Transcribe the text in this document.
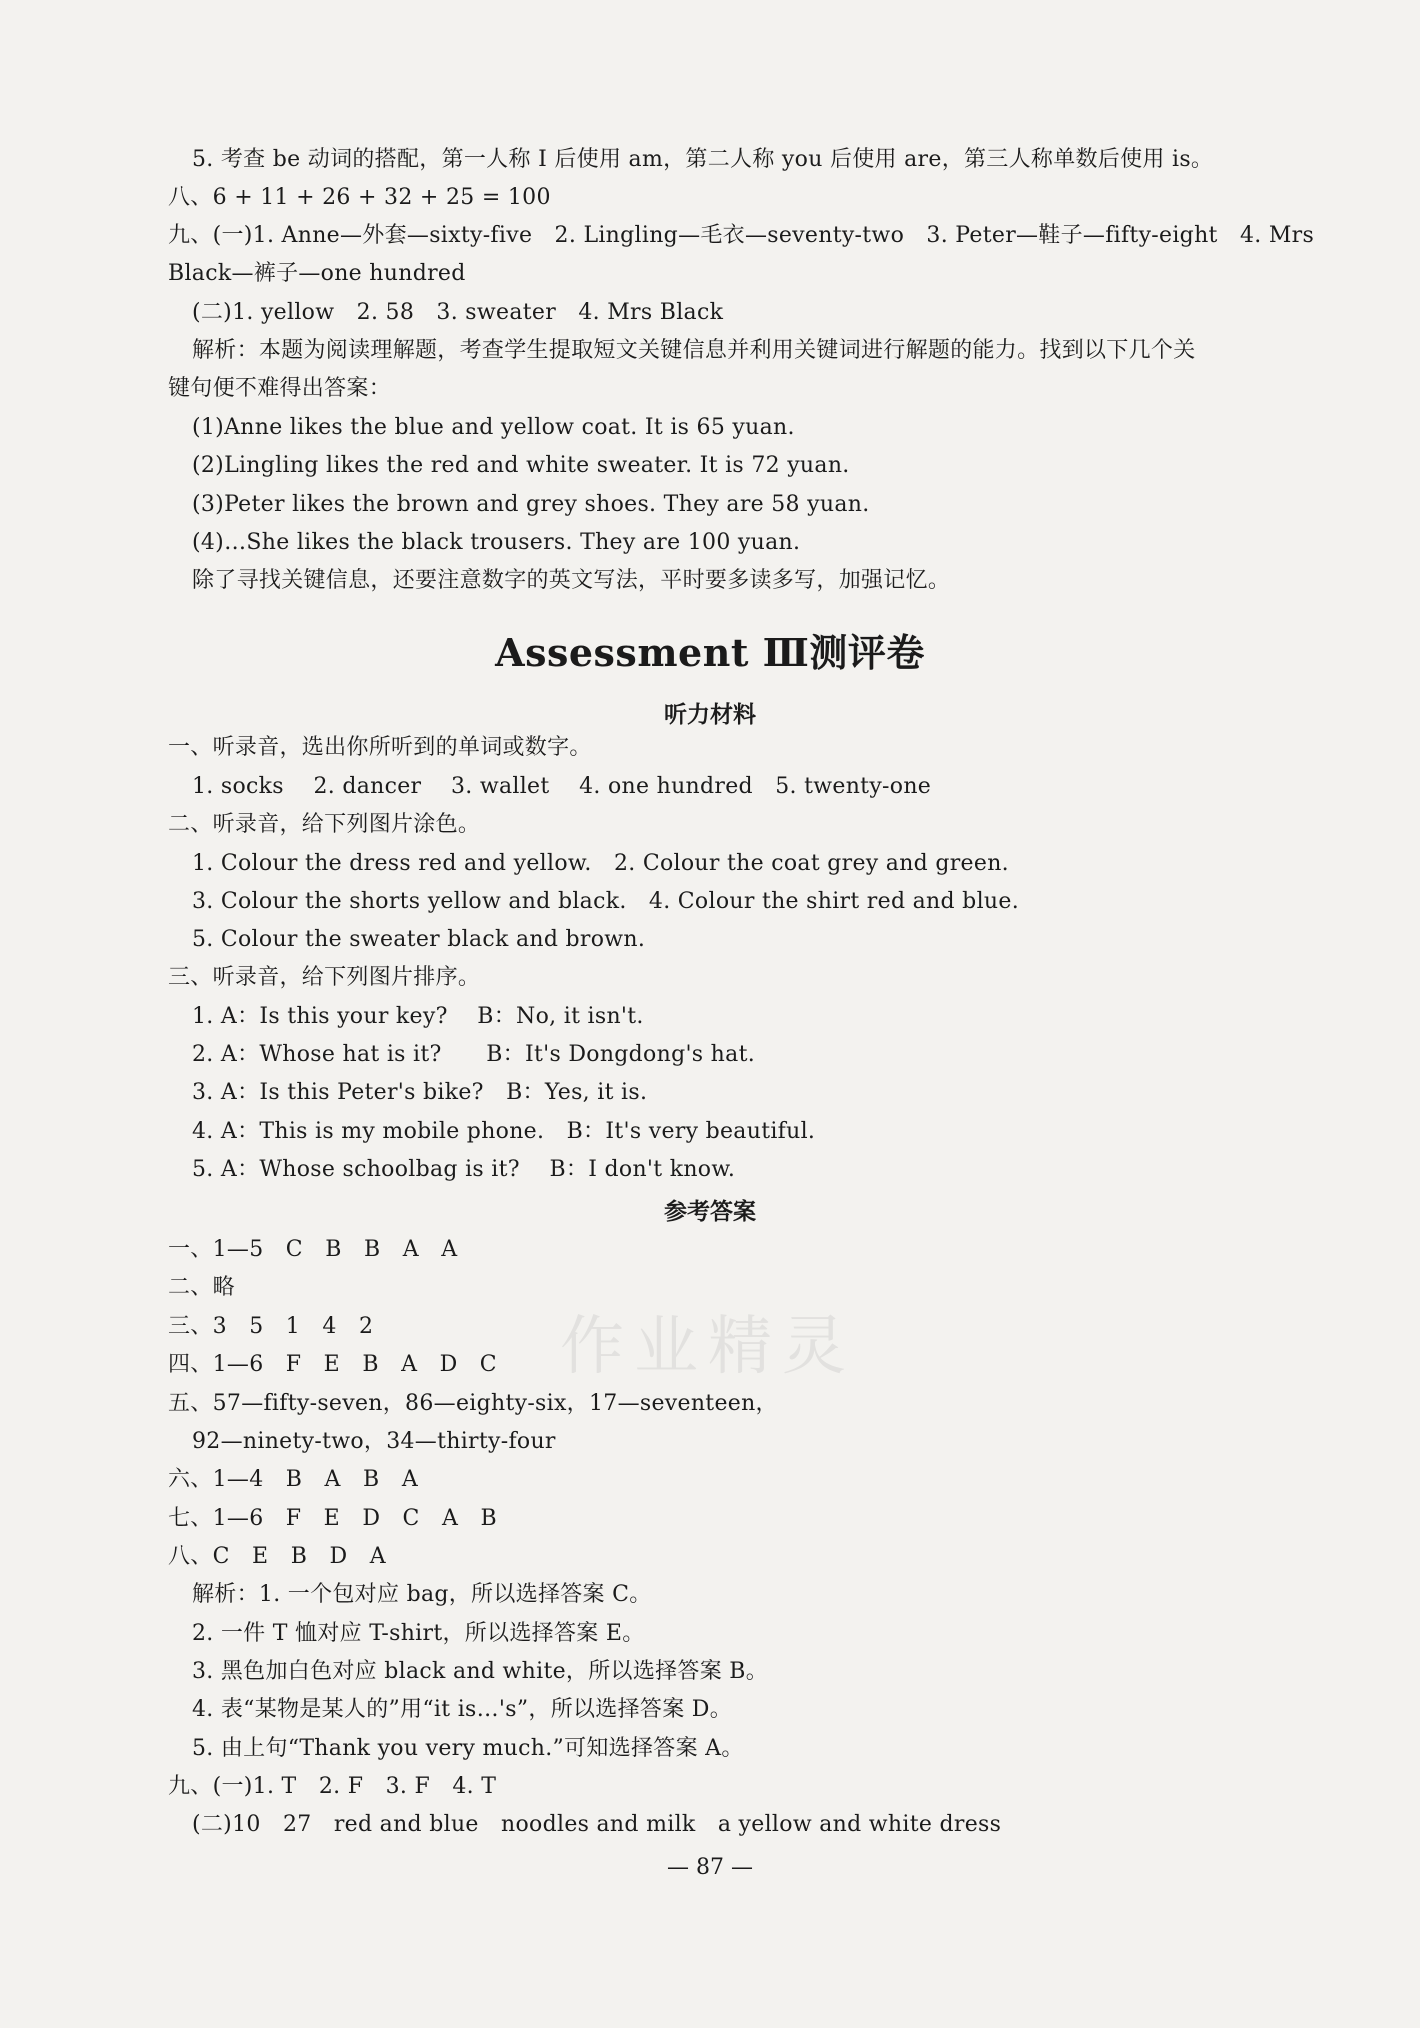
5. 考查 be 动词的搭配，第一人称 I 后使用 am，第二人称 you 后使用 are，第三人称单数后使用 is。
八、6 + 11 + 26 + 32 + 25 = 100
九、(一)1. Anne—外套—sixty-five　2. Lingling—毛衣—seventy-two　3. Peter—鞋子—fifty-eight　4. Mrs
Black—裤子—one hundred
(二)1. yellow　2. 58　3. sweater　4. Mrs Black
解析：本题为阅读理解题，考查学生提取短文关键信息并利用关键词进行解题的能力。找到以下几个关
键句便不难得出答案：
(1)Anne likes the blue and yellow coat. It is 65 yuan.
(2)Lingling likes the red and white sweater. It is 72 yuan.
(3)Peter likes the brown and grey shoes. They are 58 yuan.
(4)…She likes the black trousers. They are 100 yuan.
除了寻找关键信息，还要注意数字的英文写法，平时要多读多写，加强记忆。
Assessment Ⅲ测评卷
听力材料
一、听录音，选出你所听到的单词或数字。
1. socks　 2. dancer　 3. wallet　 4. one hundred　5. twenty-one
二、听录音，给下列图片涂色。
1. Colour the dress red and yellow.　2. Colour the coat grey and green.
3. Colour the shorts yellow and black.　4. Colour the shirt red and blue.
5. Colour the sweater black and brown.
三、听录音，给下列图片排序。
1. A：Is this your key?　 B：No, it isn't.
2. A：Whose hat is it?　　B：It's Dongdong's hat.
3. A：Is this Peter's bike?　B：Yes, it is.
4. A：This is my mobile phone.　B：It's very beautiful.
5. A：Whose schoolbag is it?　 B：I don't know.
参考答案
一、1—5　C　B　B　A　A
二、略
三、3　5　1　4　2
四、1—6　F　E　B　A　D　C
五、57—fifty-seven，86—eighty-six，17—seventeen，
92—ninety-two，34—thirty-four
六、1—4　B　A　B　A
七、1—6　F　E　D　C　A　B
八、C　E　B　D　A
解析：1. 一个包对应 bag，所以选择答案 C。
2. 一件 T 恤对应 T-shirt，所以选择答案 E。
3. 黑色加白色对应 black and white，所以选择答案 B。
4. 表“某物是某人的”用“it is…'s”，所以选择答案 D。
5. 由上句“Thank you very much.”可知选择答案 A。
九、(一)1. T　2. F　3. F　4. T
(二)10　27　red and blue　noodles and milk　a yellow and white dress
作业精灵
— 87 —
